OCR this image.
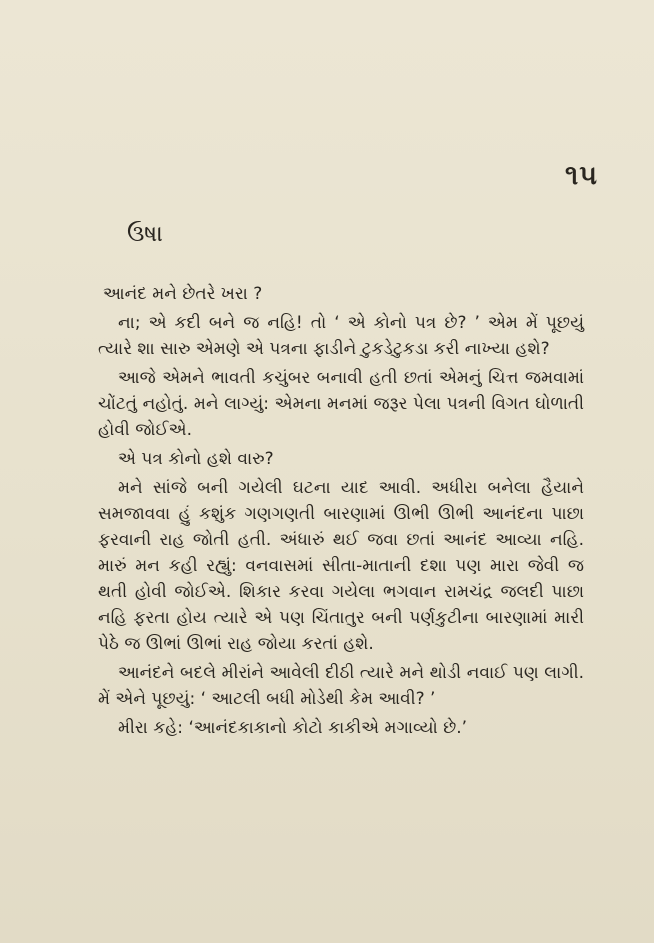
૧૫
ઉષા

આનંદ મને છેતરે ખરા ?

ના; એ કદી બને જ નહિ! તો ‘ એ કોનો પત્ર છે? ’ એમ મેં પૂછયું ત્યારે શા સારુ એમણે એ પત્રના ફાડીને ટુકડેટુકડા કરી નાખ્યા હશે?

આજે એમને ભાવતી કચુંબર બનાવી હતી છતાં એમનું ચિત્ત જમવામાં ચોંટતું નહોતું. મને લાગ્યું: એમના મનમાં જરૂર પેલા પત્રની વિગત ઘોળાતી હોવી જોઈએ.

એ પત્ર કોનો હશે વારુ?

મને સાંજે બની ગયેલી ઘટના યાદ આવી. અધીરા બનેલા હૈયાને સમજાવવા હું કશુંક ગણગણતી બારણામાં ઊભી ઊભી આનંદના પાછા ફરવાની રાહ જોતી હતી. અંધારું થઈ જવા છતાં આનંદ આવ્યા નહિ. મારું મન કહી રહ્યું: વનવાસમાં સીતા-માતાની દશા પણ મારા જેવી જ થતી હોવી જોઈએ. શિકાર કરવા ગયેલા ભગવાન રામચંદ્ર જલદી પાછા નહિ ફરતા હોય ત્યારે એ પણ ચિંતાતુર બની પર્ણકુટીના બારણામાં મારી પેઠે જ ઊભાં ઊભાં રાહ જોયા કરતાં હશે.

આનંદને બદલે મીરાંને આવેલી દીઠી ત્યારે મને થોડી નવાઈ પણ લાગી. મેં એને પૂછયું: ‘ આટલી બધી મોડેથી કેમ આવી? ’

મીરા કહે: ‘આનંદકાકાનો કોટો કાકીએ મગાવ્યો છે.’
